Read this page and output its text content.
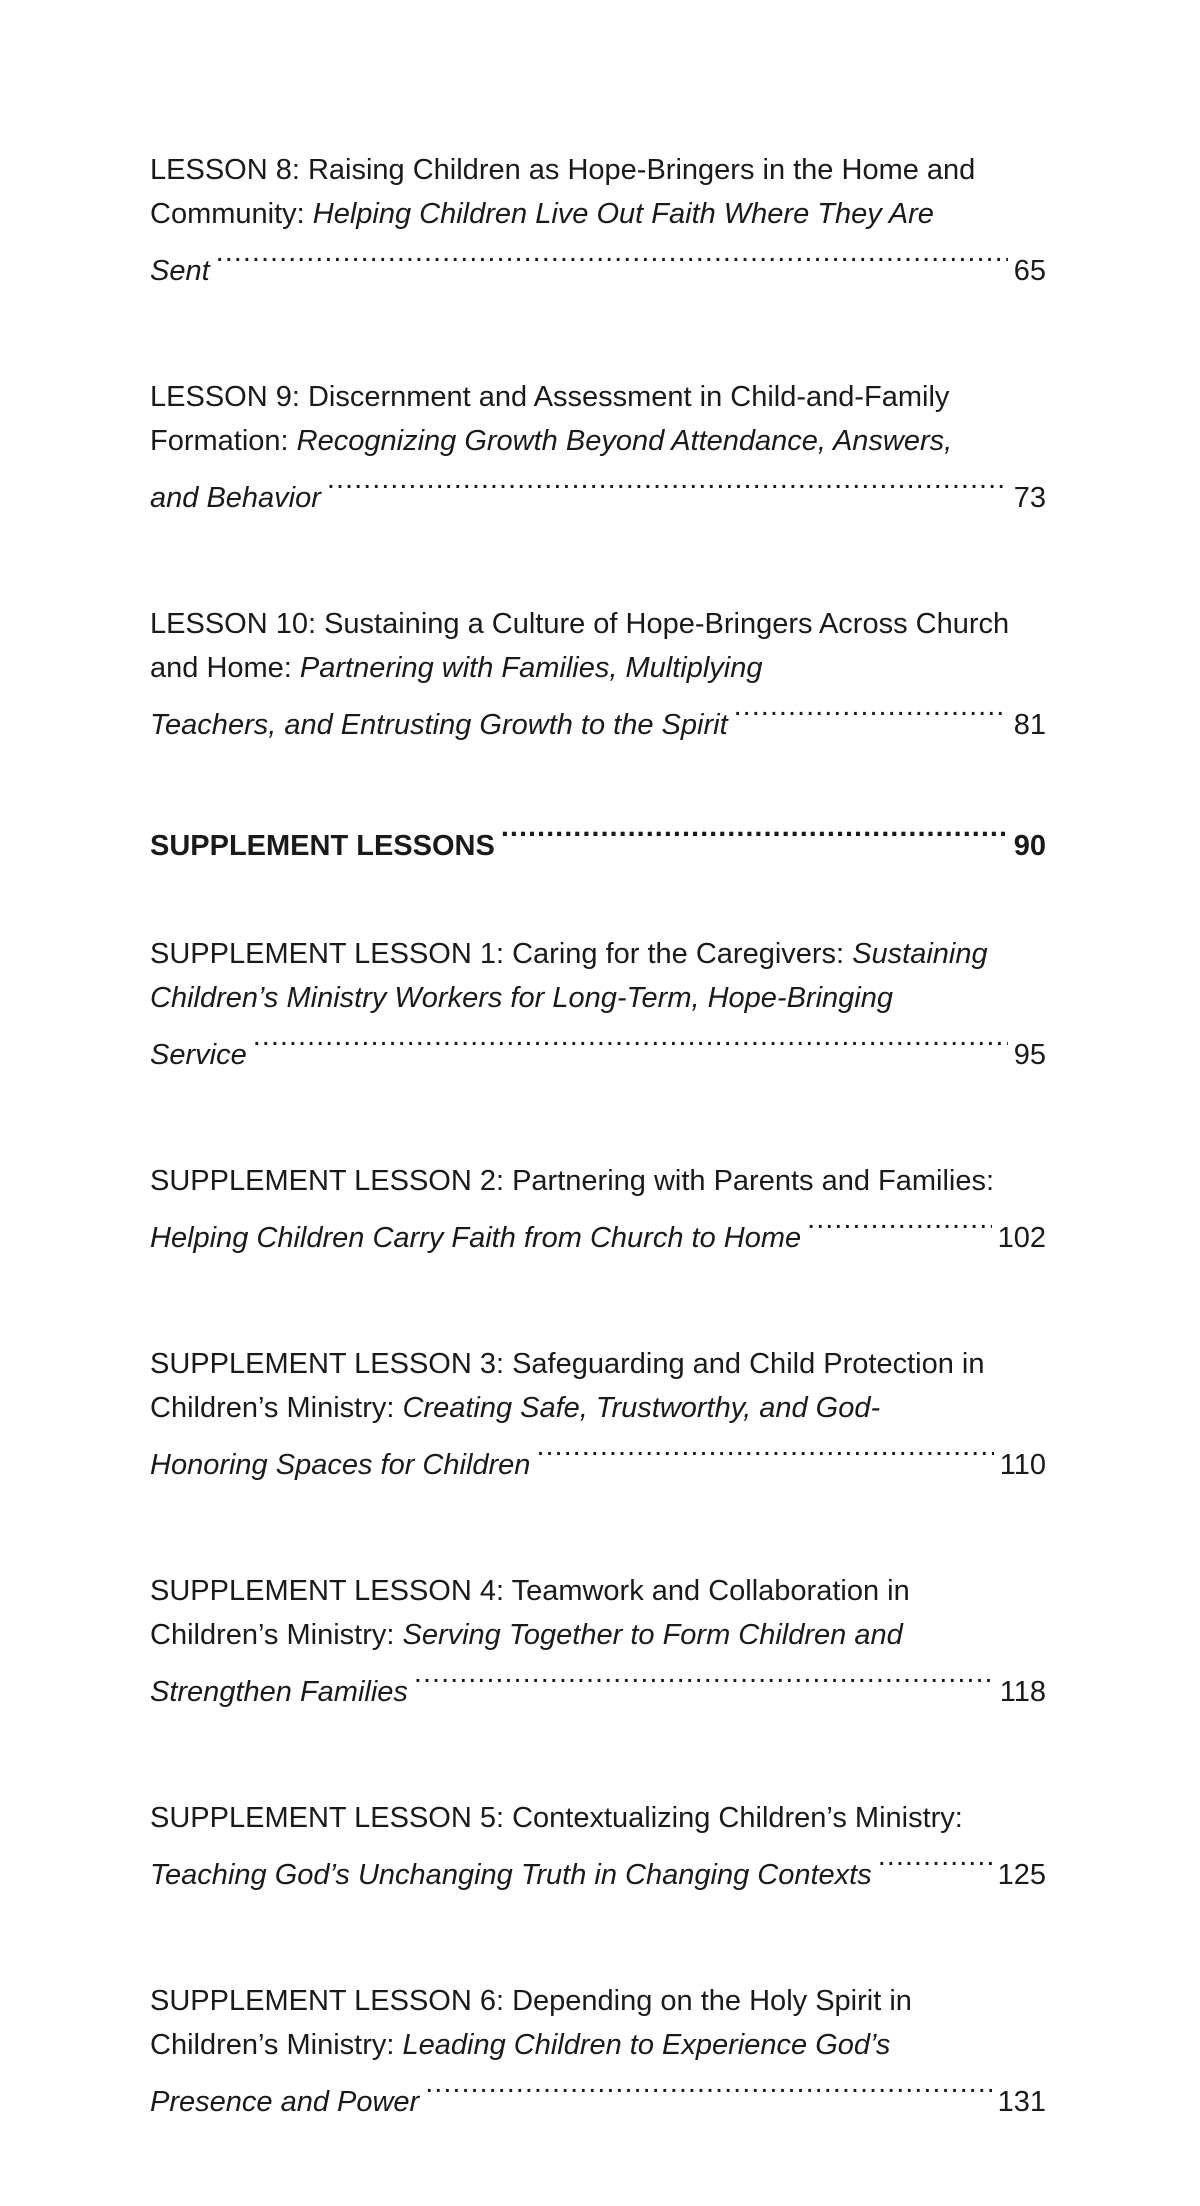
LESSON 8: Raising Children as Hope-Bringers in the Home and Community: Helping Children Live Out Faith Where They Are
Sent .....	65
LESSON 9: Discernment and Assessment in Child-and-Family Formation: Recognizing Growth Beyond Attendance, Answers,
and Behavior .....	73
LESSON 10: Sustaining a Culture of Hope-Bringers Across Church and Home: Partnering with Families, Multiplying
Teachers, and Entrusting Growth to the Spirit .....	81
SUPPLEMENT LESSONS .....	90
SUPPLEMENT LESSON 1: Caring for the Caregivers: Sustaining Children’s Ministry Workers for Long-Term, Hope-Bringing
Service .....	95
SUPPLEMENT LESSON 2: Partnering with Parents and Families:
Helping Children Carry Faith from Church to Home .....	102
SUPPLEMENT LESSON 3: Safeguarding and Child Protection in Children’s Ministry: Creating Safe, Trustworthy, and God-
Honoring Spaces for Children .....	110
SUPPLEMENT LESSON 4: Teamwork and Collaboration in Children’s Ministry: Serving Together to Form Children and
Strengthen Families .....	118
SUPPLEMENT LESSON 5: Contextualizing Children’s Ministry:
Teaching God’s Unchanging Truth in Changing Contexts .....	125
SUPPLEMENT LESSON 6: Depending on the Holy Spirit in Children’s Ministry: Leading Children to Experience God’s
Presence and Power .....	131
